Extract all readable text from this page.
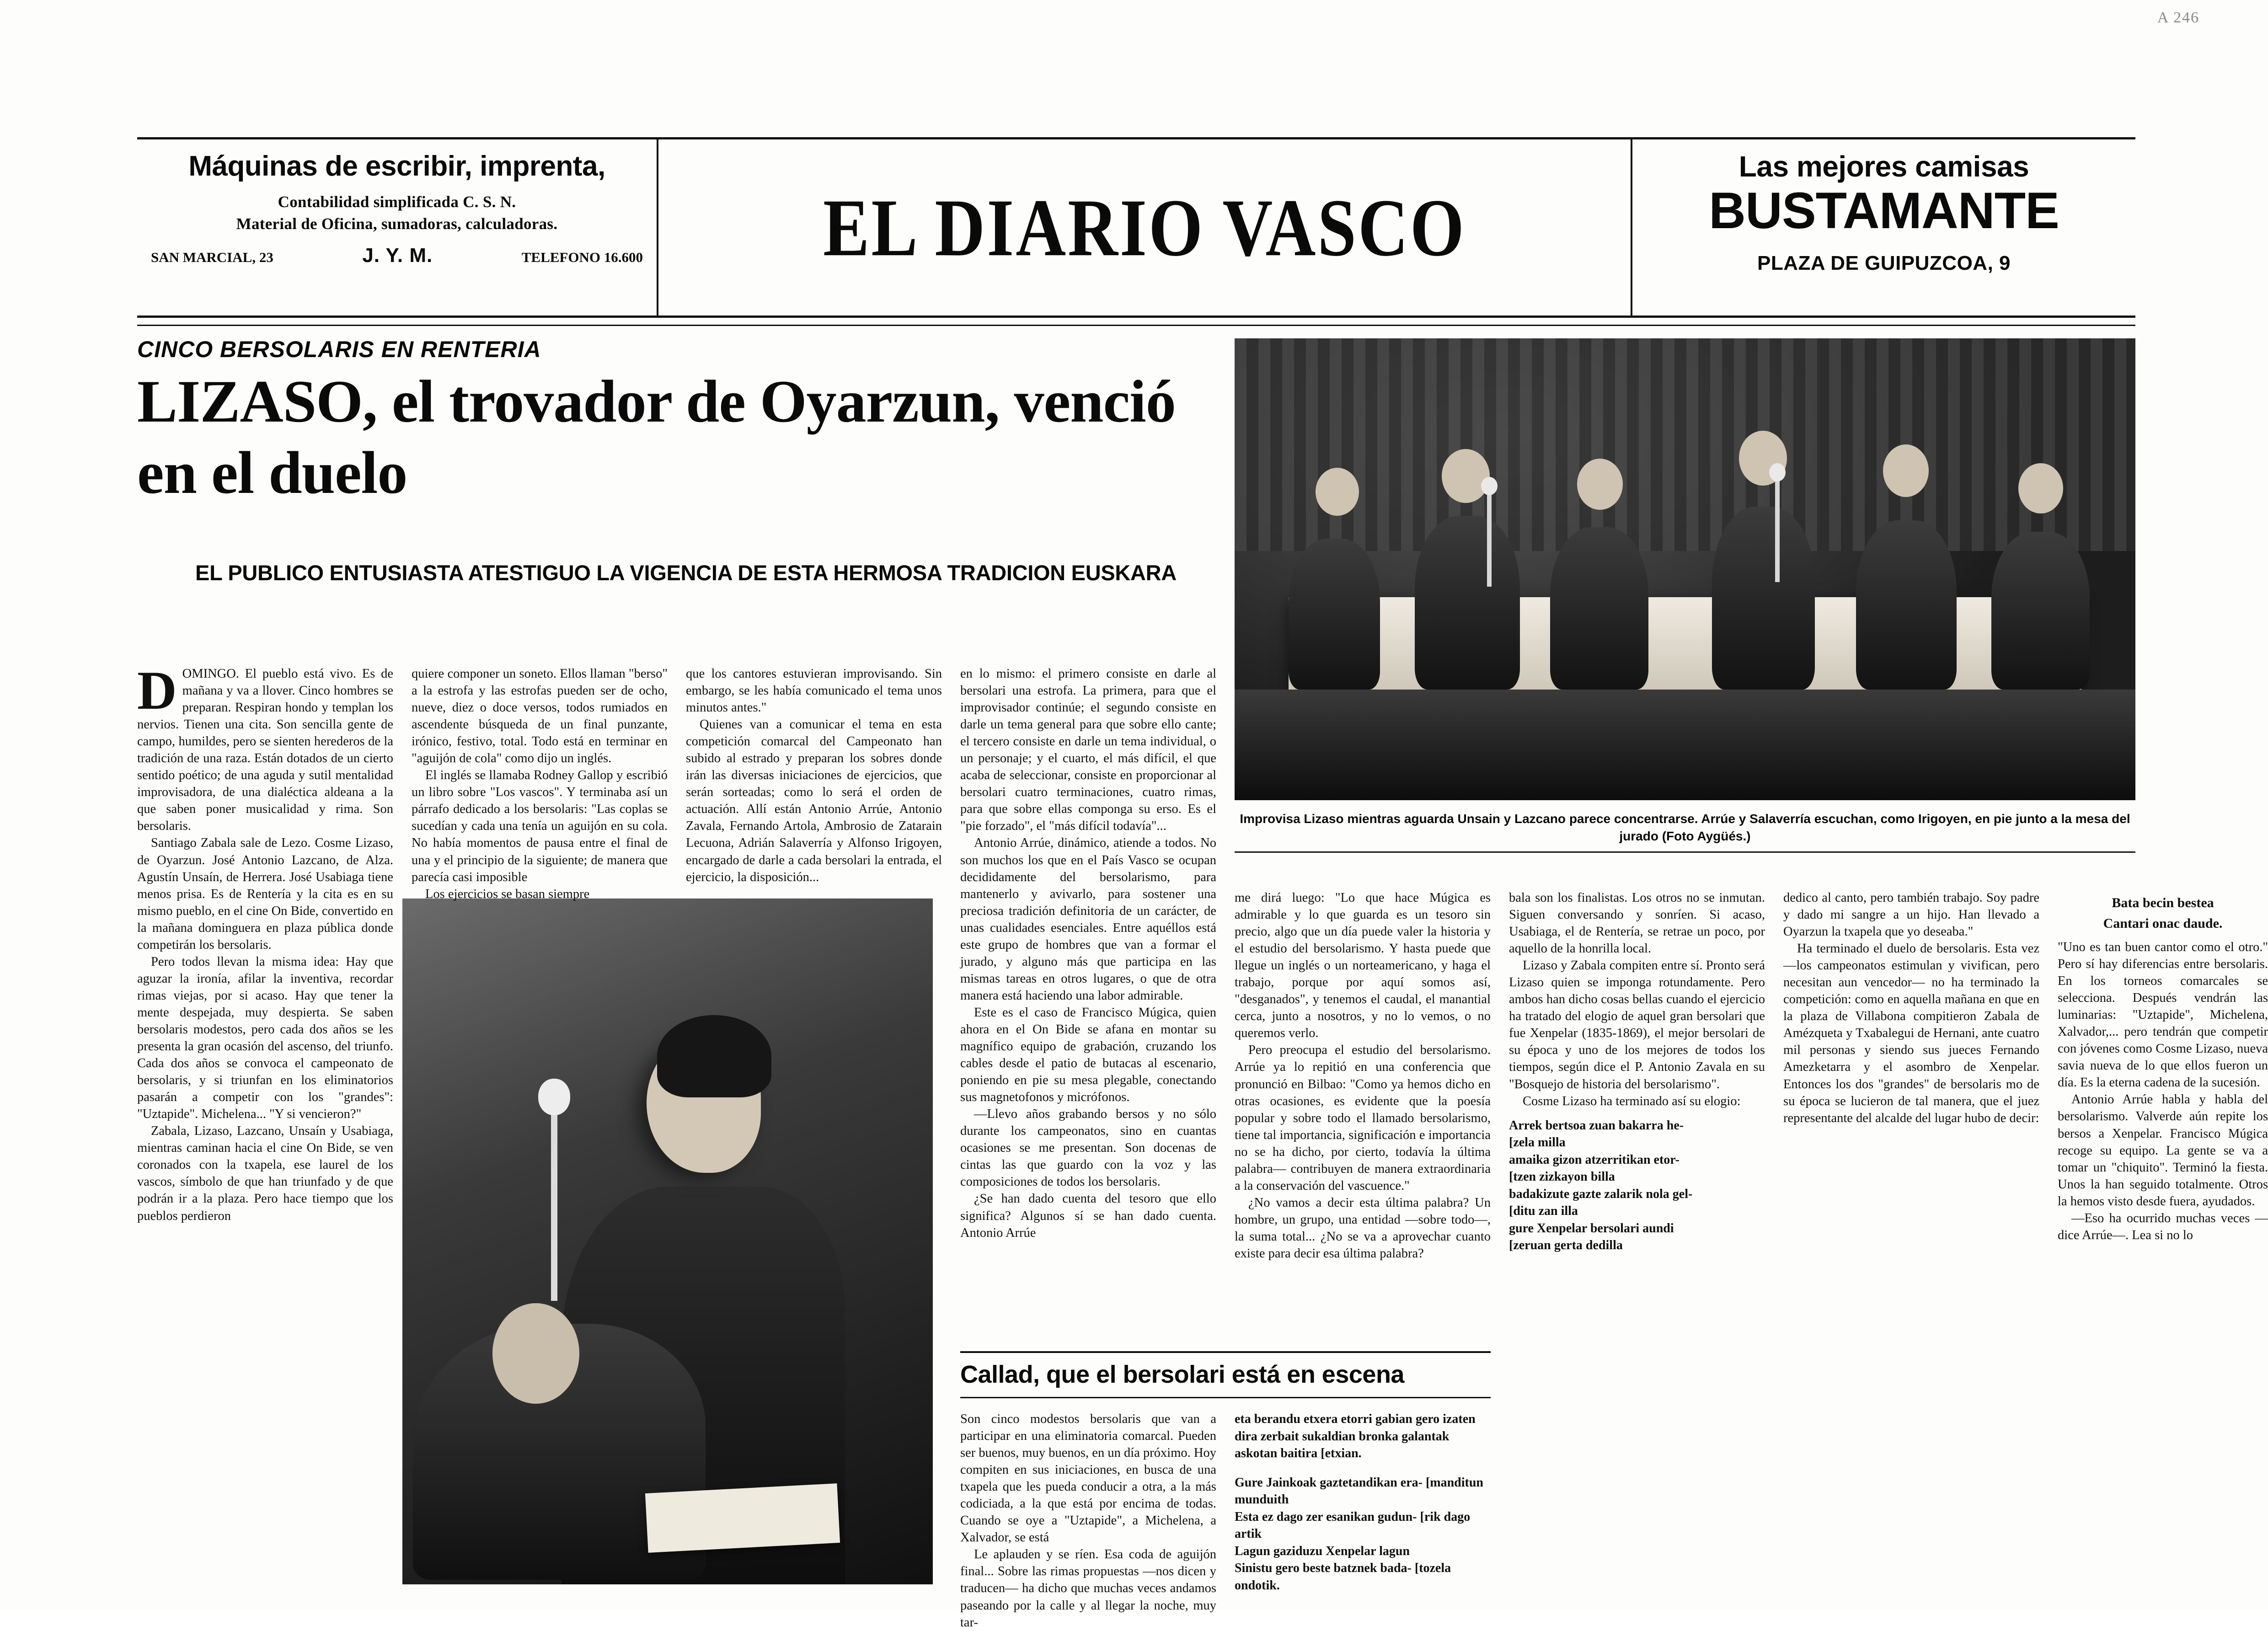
A 246
Máquinas de escribir, imprenta,
Contabilidad simplificada C. S. N.
Material de Oficina, sumadoras, calculadoras.
SAN MARCIAL, 23	J. Y. M.	TELEFONO 16.600	EL DIARIO VASCO
Las mejores camisas
BUSTAMANTE
PLAZA DE GUIPUZCOA, 9
CINCO BERSOLARIS EN RENTERIA
LIZASO, el trovador de Oyarzun, venció en el duelo
EL PUBLICO ENTUSIASTA ATESTIGUO LA VIGENCIA DE ESTA HERMOSA TRADICION EUSKARA
Improvisa Lizaso mientras aguarda Unsain y Lazcano parece concentrarse. Arrúe y Salaverría escuchan, como Irigoyen, en pie junto a la mesa del jurado (Foto Aygüés.)

DOMINGO. El pueblo está vivo. Es de mañana y va a llover. Cinco hombres se preparan. Respiran hondo y templan los nervios. Tienen una cita. Son sencilla gente de campo, humildes, pero se sienten herederos de la tradición de una raza. Están dotados de un cierto sentido poético; de una aguda y sutil mentalidad improvisadora, de una dialéctica aldeana a la que saben poner musicalidad y rima. Son bersolaris.

Santiago Zabala sale de Lezo. Cosme Lizaso, de Oyarzun. José Antonio Lazcano, de Alza. Agustín Unsaín, de Herrera. José Usabiaga tiene menos prisa. Es de Rentería y la cita es en su mismo pueblo, en el cine On Bide, convertido en la mañana dominguera en plaza pública donde competirán los bersolaris.

Pero todos llevan la misma idea: Hay que aguzar la ironía, afilar la inventiva, recordar rimas viejas, por si acaso. Hay que tener la mente despejada, muy despierta. Se saben bersolaris modestos, pero cada dos años se les presenta la gran ocasión del ascenso, del triunfo. Cada dos años se convoca el campeonato de bersolaris, y si triunfan en los eliminatorios pasarán a competir con los "grandes": "Uztapide". Michelena... "Y si vencieron?"

Zabala, Lizaso, Lazcano, Unsaín y Usabiaga, mientras caminan hacia el cine On Bide, se ven coronados con la txapela, ese laurel de los vascos, símbolo de que han triunfado y de que podrán ir a la plaza. Pero hace tiempo que los pueblos perdieron

quiere componer un soneto. Ellos llaman "berso" a la estrofa y las estrofas pueden ser de ocho, nueve, diez o doce versos, todos rumiados en ascendente búsqueda de un final punzante, irónico, festivo, total. Todo está en terminar en "aguijón de cola" como dijo un inglés.

El inglés se llamaba Rodney Gallop y escribió un libro sobre "Los vascos". Y terminaba así un párrafo dedicado a los bersolaris: "Las coplas se sucedían y cada una tenía un aguijón en su cola. No había momentos de pausa entre el final de una y el principio de la siguiente; de manera que parecía casi imposible

Los ejercicios se basan siempre

que los cantores estuvieran improvisando. Sin embargo, se les había comunicado el tema unos minutos antes."

Quienes van a comunicar el tema en esta competición comarcal del Campeonato han subido al estrado y preparan los sobres donde irán las diversas iniciaciones de ejercicios, que serán sorteadas; como lo será el orden de actuación. Allí están Antonio Arrúe, Antonio Zavala, Fernando Artola, Ambrosio de Zatarain Lecuona, Adrián Salaverría y Alfonso Irigoyen, encargado de darle a cada bersolari la entrada, el ejercicio, la disposición...

en lo mismo: el primero consiste en darle al bersolari una estrofa. La primera, para que el improvisador continúe; el segundo consiste en darle un tema general para que sobre ello cante; el tercero consiste en darle un tema individual, o un personaje; y el cuarto, el más difícil, el que acaba de seleccionar, consiste en proporcionar al bersolari cuatro terminaciones, cuatro rimas, para que sobre ellas componga su erso. Es el "pie forzado", el "más difícil todavía"...

Antonio Arrúe, dinámico, atiende a todos. No son muchos los que en el País Vasco se ocupan decididamente del bersolarismo, para mantenerlo y avivarlo, para sostener una preciosa tradición definitoria de un carácter, de unas cualidades esenciales. Entre aquéllos está este grupo de hombres que van a formar el jurado, y alguno más que participa en las mismas tareas en otros lugares, o que de otra manera está haciendo una labor admirable.

Este es el caso de Francisco Múgica, quien ahora en el On Bide se afana en montar su magnífico equipo de grabación, cruzando los cables desde el patio de butacas al escenario, poniendo en pie su mesa plegable, conectando sus magnetofonos y micrófonos.

—Llevo años grabando bersos y no sólo durante los campeonatos, sino en cuantas ocasiones se me presentan. Son docenas de cintas las que guardo con la voz y las composiciones de todos los bersolaris.

¿Se han dado cuenta del tesoro que ello significa? Algunos sí se han dado cuenta. Antonio Arrúe

me dirá luego: "Lo que hace Múgica es admirable y lo que guarda es un tesoro sin precio, algo que un día puede valer la historia y el estudio del bersolarismo. Y hasta puede que llegue un inglés o un norteamericano, y haga el trabajo, porque por aquí somos así, "desganados", y tenemos el caudal, el manantial cerca, junto a nosotros, y no lo vemos, o no queremos verlo.

Pero preocupa el estudio del bersolarismo. Arrúe ya lo repitió en una conferencia que pronunció en Bilbao: "Como ya hemos dicho en otras ocasiones, es evidente que la poesía popular y sobre todo el llamado bersolarismo, tiene tal importancia, significación e importancia no se ha dicho, por cierto, todavía la última palabra— contribuyen de manera extraordinaria a la conservación del vascuence."

¿No vamos a decir esta última palabra? Un hombre, un grupo, una entidad —sobre todo—, la suma total... ¿No se va a aprovechar cuanto existe para decir esa última palabra?

bala son los finalistas. Los otros no se inmutan. Siguen conversando y sonríen. Si acaso, Usabiaga, el de Rentería, se retrae un poco, por aquello de la honrilla local.

Lizaso y Zabala compiten entre sí. Pronto será Lizaso quien se imponga rotundamente. Pero ambos han dicho cosas bellas cuando el ejercicio ha tratado del elogio de aquel gran bersolari que fue Xenpelar (1835-1869), el mejor bersolari de su época y uno de los mejores de todos los tiempos, según dice el P. Antonio Zavala en su "Bosquejo de historia del bersolarismo".

Cosme Lizaso ha terminado así su elogio:

Arrek bertsoa zuan bakarra he-
[zela milla
amaika gizon atzerritikan etor-
[tzen zizkayon billa
badakizute gazte zalarik nola gel-
[ditu zan illa
gure Xenpelar bersolari aundi
[zeruan gerta dedilla

dedico al canto, pero también trabajo. Soy padre y dado mi sangre a un hijo. Han llevado a Oyarzun la txapela que yo deseaba."

Ha terminado el duelo de bersolaris. Esta vez —los campeonatos estimulan y vivifican, pero necesitan aun vencedor— no ha terminado la competición: como en aquella mañana en que en la plaza de Villabona compitieron Zabala de Amézqueta y Txabalegui de Hernani, ante cuatro mil personas y siendo sus jueces Fernando Amezketarra y el asombro de Xenpelar. Entonces los dos "grandes" de bersolaris mo de su época se lucieron de tal manera, que el juez representante del alcalde del lugar hubo de decir:

Bata becin bestea
Cantari onac daude.

"Uno es tan buen cantor como el otro." Pero sí hay diferencias entre bersolaris. En los torneos comarcales se selecciona. Después vendrán las luminarias: "Uztapide", Michelena, Xalvador,... pero tendrán que competir con jóvenes como Cosme Lizaso, nueva savia nueva de lo que ellos fueron un día. Es la eterna cadena de la sucesión.

Antonio Arrúe habla y habla del bersolarismo. Valverde aún repite los bersos a Xenpelar. Francisco Múgica recoge su equipo. La gente se va a tomar un "chiquito". Terminó la fiesta. Unos la han seguido totalmente. Otros la hemos visto desde fuera, ayudados.

—Eso ha ocurrido muchas veces —dice Arrúe—. Lea si no lo

Callad, que el bersolari está en escena

Son cinco modestos bersolaris que van a participar en una eliminatoria comarcal. Pueden ser buenos, muy buenos, en un día próximo. Hoy compiten en sus iniciaciones, en busca de una txapela que les pueda conducir a otra, a la más codiciada, a la que está por encima de todas. Cuando se oye a "Uztapide", a Michelena, a Xalvador, se está

Le aplauden y se ríen. Esa coda de aguijón final... Sobre las rimas propuestas —nos dicen y traducen— ha dicho que muchas veces andamos paseando por la calle y al llegar la noche, muy tar-

eta berandu etxera etorri gabian gero izaten dira zerbait sukaldian bronka galantak askotan baitira [etxian.
Gure Jainkoak gaztetandikan era- [manditun munduith
Esta ez dago zer esanikan gudun- [rik dago artik
Lagun gaziduzu Xenpelar lagun
Sinistu gero beste batznek bada- [tozela ondotik.
